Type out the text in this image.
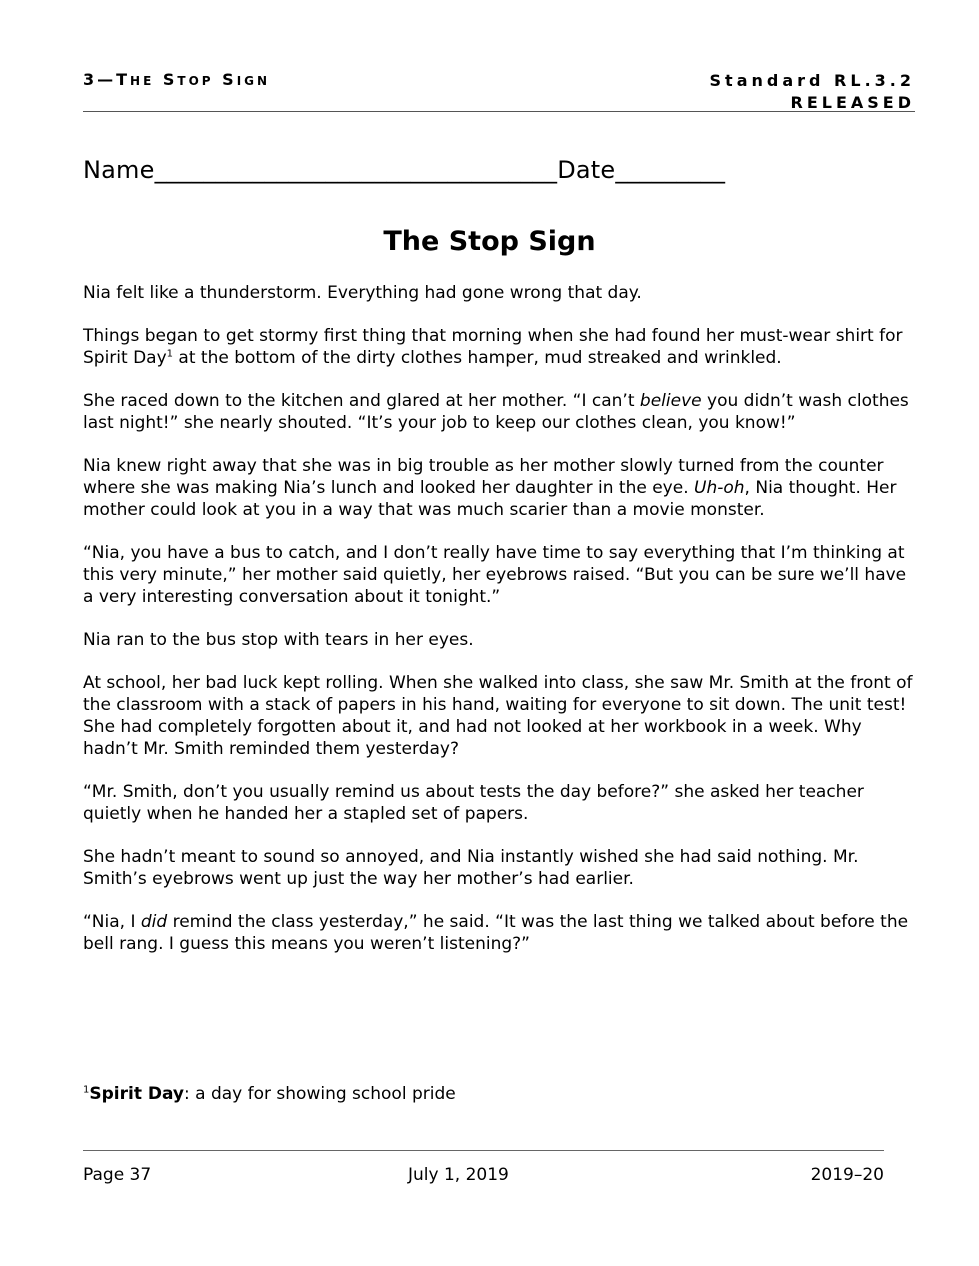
3—THE STOP SIGN	Standard RL.3.2
RELEASED
Name_________________________________Date_________
The Stop Sign

Nia felt like a thunderstorm. Everything had gone wrong that day.

Things began to get stormy first thing that morning when she had found her must-wear shirt for Spirit Day$^1$ at the bottom of the dirty clothes hamper, mud streaked and wrinkled.

She raced down to the kitchen and glared at her mother. “I can’t believe you didn’t wash clothes last night!” she nearly shouted. “It’s your job to keep our clothes clean, you know!”

Nia knew right away that she was in big trouble as her mother slowly turned from the counter where she was making Nia’s lunch and looked her daughter in the eye. Uh-oh, Nia thought. Her mother could look at you in a way that was much scarier than a movie monster.

“Nia, you have a bus to catch, and I don’t really have time to say everything that I’m thinking at this very minute,” her mother said quietly, her eyebrows raised. “But you can be sure we’ll have a very interesting conversation about it tonight.”

Nia ran to the bus stop with tears in her eyes.

At school, her bad luck kept rolling. When she walked into class, she saw Mr. Smith at the front of the classroom with a stack of papers in his hand, waiting for everyone to sit down. The unit test! She had completely forgotten about it, and had not looked at her workbook in a week. Why hadn’t Mr. Smith reminded them yesterday?

“Mr. Smith, don’t you usually remind us about tests the day before?” she asked her teacher quietly when he handed her a stapled set of papers.

She hadn’t meant to sound so annoyed, and Nia instantly wished she had said nothing. Mr. Smith’s eyebrows went up just the way her mother’s had earlier.

“Nia, I did remind the class yesterday,” he said. “It was the last thing we talked about before the bell rang. I guess this means you weren’t listening?”

$^1$Spirit Day: a day for showing school pride
Page 37	July 1, 2019	2019–20
